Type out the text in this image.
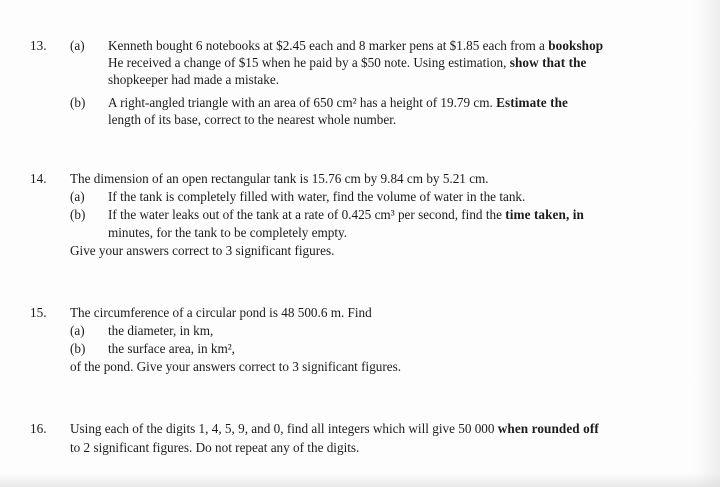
13. (a) Kenneth bought 6 notebooks at $2.45 each and 8 marker pens at $1.85 each from a bookshop
He received a change of $15 when he paid by a $50 note. Using estimation, show that the
shopkeeper had made a mistake.
(b) A right-angled triangle with an area of 650 cm² has a height of 19.79 cm. Estimate the
length of its base, correct to the nearest whole number.
14. The dimension of an open rectangular tank is 15.76 cm by 9.84 cm by 5.21 cm.
(a) If the tank is completely filled with water, find the volume of water in the tank.
(b) If the water leaks out of the tank at a rate of 0.425 cm³ per second, find the time taken, in
minutes, for the tank to be completely empty.
Give your answers correct to 3 significant figures.
15. The circumference of a circular pond is 48 500.6 m. Find
(a) the diameter, in km,
(b) the surface area, in km²,
of the pond. Give your answers correct to 3 significant figures.
16. Using each of the digits 1, 4, 5, 9, and 0, find all integers which will give 50 000 when rounded off
to 2 significant figures. Do not repeat any of the digits.
